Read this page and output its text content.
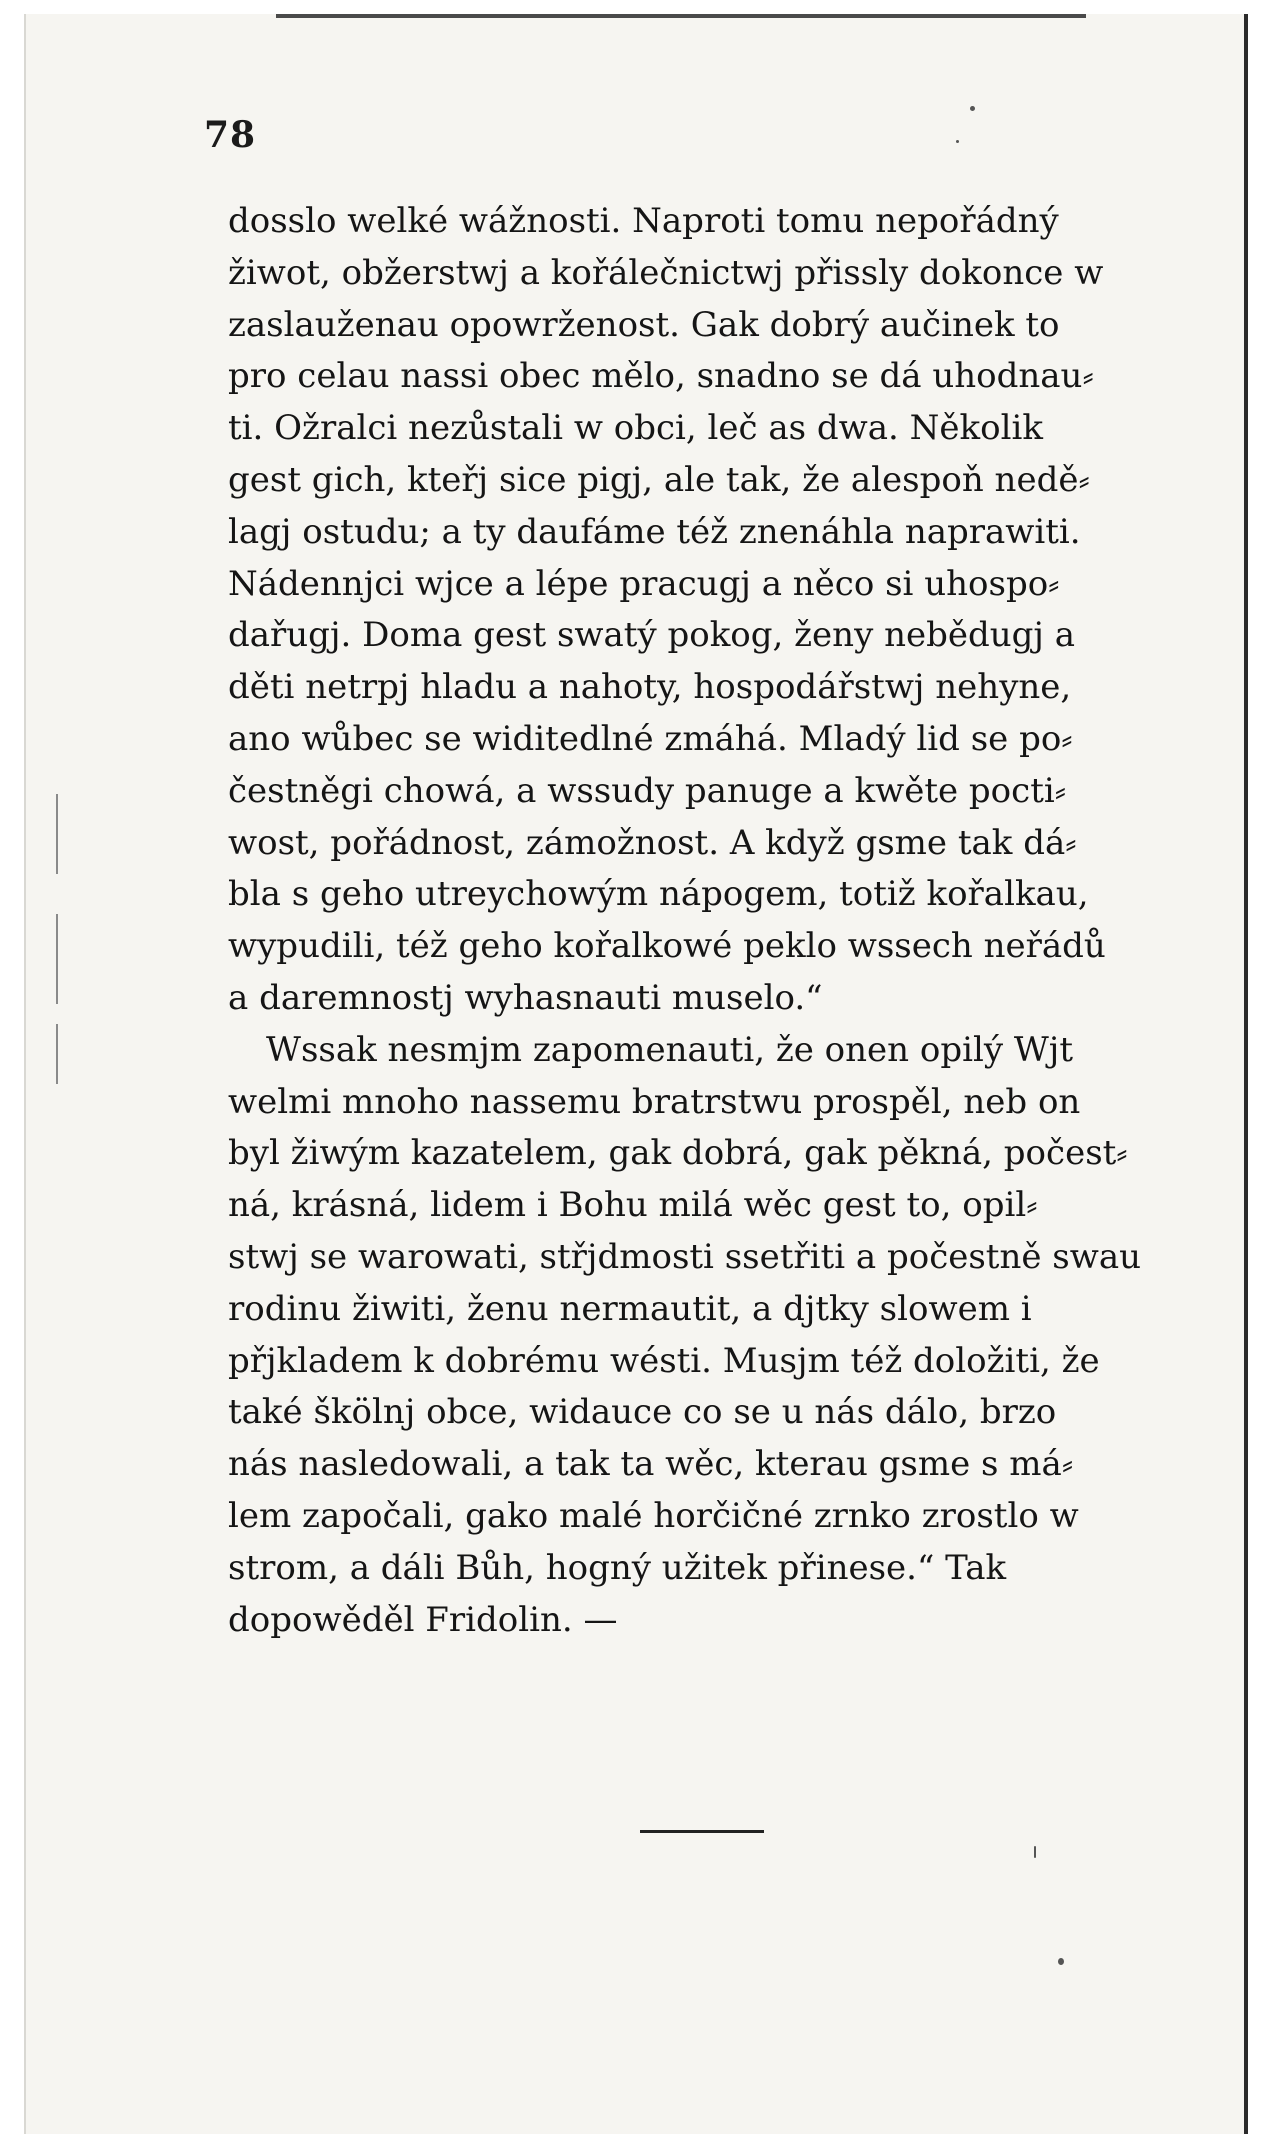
78
dosslo welké wážnosti. Naproti tomu nepořádný
žiwot, obžerstwj a kořálečnictwj přissly dokonce w
zaslauženau opowrženost. Gak dobrý aučinek to
pro celau nassi obec mělo, snadno se dá uhodnau⸗
ti. Ožralci nezůstali w obci, leč as dwa. Několik
gest gich, kteřj sice pigj, ale tak, že alespoň nedě⸗
lagj ostudu; a ty daufáme též znenáhla naprawiti.
Nádennjci wjce a lépe pracugj a něco si uhospo⸗
dařugj. Doma gest swatý pokog, ženy nebědugj a
děti netrpj hladu a nahoty, hospodářstwj nehyne,
ano wůbec se widitedlné zmáhá. Mladý lid se po⸗
čestněgi chowá, a wssudy panuge a kwěte pocti⸗
wost, pořádnost, zámožnost. A když gsme tak dá⸗
bla s geho utreychowým nápogem, totiž kořalkau,
wypudili, též geho kořalkowé peklo wssech neřádů
a daremnostj wyhasnauti muselo.“
Wssak nesmjm zapomenauti, že onen opilý Wjt
welmi mnoho nassemu bratrstwu prospěl, neb on
byl žiwým kazatelem, gak dobrá, gak pěkná, počest⸗
ná, krásná, lidem i Bohu milá wěc gest to, opil⸗
stwj se warowati, střjdmosti ssetřiti a počestně swau
rodinu žiwiti, ženu nermautit, a djtky slowem i
přjkladem k dobrému wésti. Musjm též doložiti, že
také škölnj obce, widauce co se u nás dálo, brzo
nás nasledowali, a tak ta wěc, kterau gsme s má⸗
lem započali, gako malé horčičné zrnko zrostlo w
strom, a dáli Bůh, hogný užitek přinese.“ Tak
dopowěděl Fridolin. —
